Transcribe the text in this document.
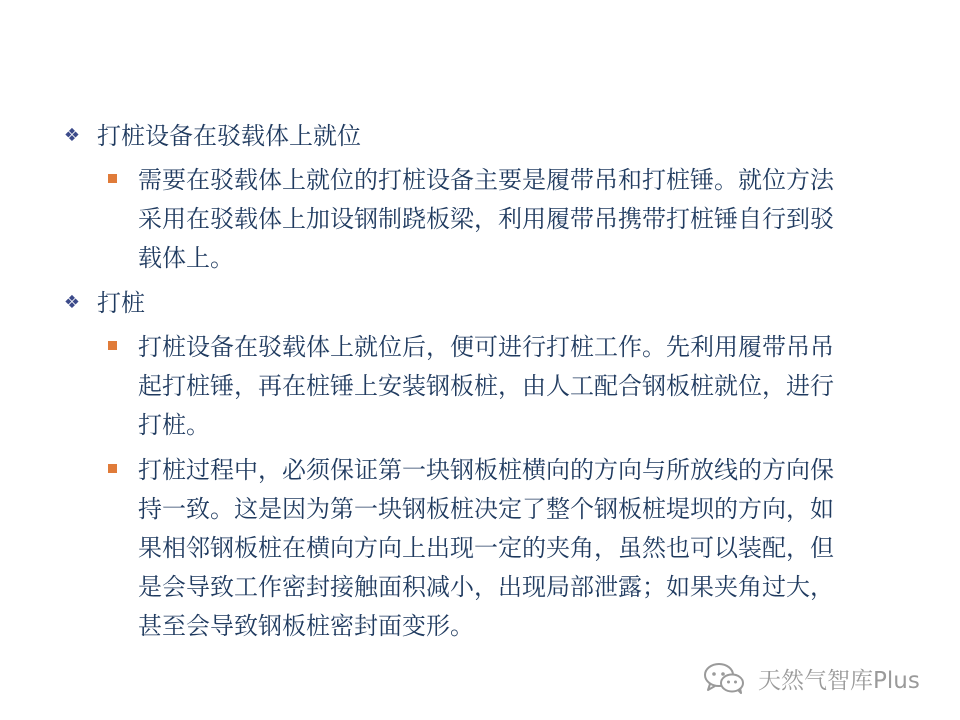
❖ 打桩设备在驳载体上就位
需要在驳载体上就位的打桩设备主要是履带吊和打桩锤。就位方法采用在驳载体上加设钢制跷板梁，利用履带吊携带打桩锤自行到驳载体上。
❖ 打桩
打桩设备在驳载体上就位后，便可进行打桩工作。先利用履带吊吊起打桩锤，再在桩锤上安装钢板桩，由人工配合钢板桩就位，进行打桩。
打桩过程中，必须保证第一块钢板桩横向的方向与所放线的方向保持一致。这是因为第一块钢板桩决定了整个钢板桩堤坝的方向，如果相邻钢板桩在横向方向上出现一定的夹角，虽然也可以装配，但是会导致工作密封接触面积减小，出现局部泄露；如果夹角过大，甚至会导致钢板桩密封面变形。
天然气智库Plus
